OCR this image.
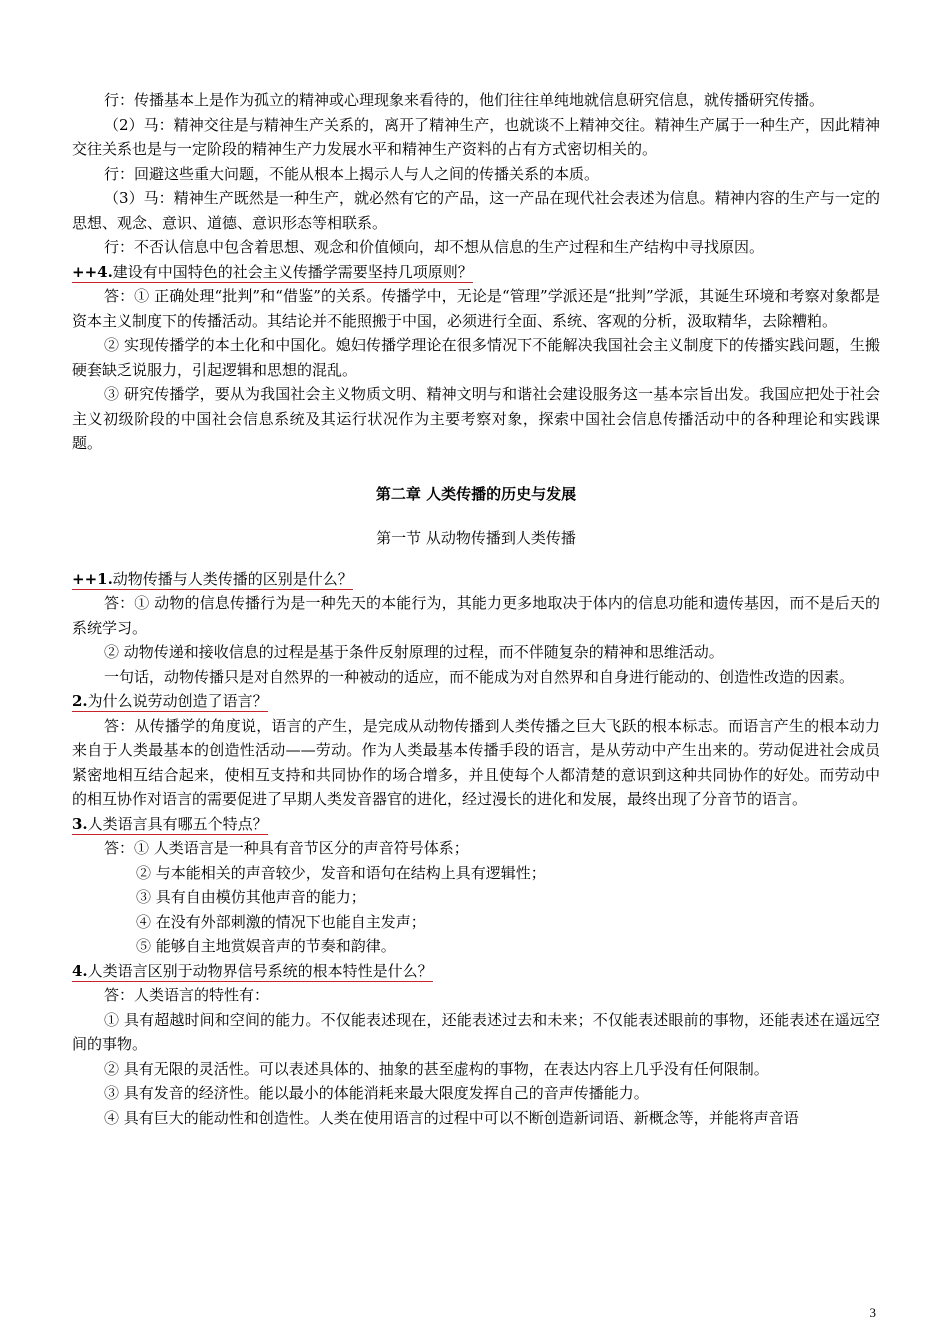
行：传播基本上是作为孤立的精神或心理现象来看待的，他们往往单纯地就信息研究信息，就传播研究传播。

（2）马：精神交往是与精神生产关系的，离开了精神生产，也就谈不上精神交往。精神生产属于一种生产，因此精神交往关系也是与一定阶段的精神生产力发展水平和精神生产资料的占有方式密切相关的。

行：回避这些重大问题，不能从根本上揭示人与人之间的传播关系的本质。

（3）马：精神生产既然是一种生产，就必然有它的产品，这一产品在现代社会表述为信息。精神内容的生产与一定的思想、观念、意识、道德、意识形态等相联系。

行：不否认信息中包含着思想、观念和价值倾向，却不想从信息的生产过程和生产结构中寻找原因。

++4.建设有中国特色的社会主义传播学需要坚持几项原则？

答：① 正确处理“批判”和“借鉴”的关系。传播学中，无论是“管理”学派还是“批判”学派，其诞生环境和考察对象都是资本主义制度下的传播活动。其结论并不能照搬于中国，必须进行全面、系统、客观的分析，汲取精华，去除糟粕。

② 实现传播学的本土化和中国化。媳妇传播学理论在很多情况下不能解决我国社会主义制度下的传播实践问题，生搬硬套缺乏说服力，引起逻辑和思想的混乱。

③ 研究传播学，要从为我国社会主义物质文明、精神文明与和谐社会建设服务这一基本宗旨出发。我国应把处于社会主义初级阶段的中国社会信息系统及其运行状况作为主要考察对象，探索中国社会信息传播活动中的各种理论和实践课题。

第二章 人类传播的历史与发展

第一节 从动物传播到人类传播

++1.动物传播与人类传播的区别是什么？

答：① 动物的信息传播行为是一种先天的本能行为，其能力更多地取决于体内的信息功能和遗传基因，而不是后天的系统学习。

② 动物传递和接收信息的过程是基于条件反射原理的过程，而不伴随复杂的精神和思维活动。

一句话，动物传播只是对自然界的一种被动的适应，而不能成为对自然界和自身进行能动的、创造性改造的因素。

2.为什么说劳动创造了语言？

答：从传播学的角度说，语言的产生，是完成从动物传播到人类传播之巨大飞跃的根本标志。而语言产生的根本动力来自于人类最基本的创造性活动——劳动。作为人类最基本传播手段的语言，是从劳动中产生出来的。劳动促进社会成员紧密地相互结合起来，使相互支持和共同协作的场合增多，并且使每个人都清楚的意识到这种共同协作的好处。而劳动中的相互协作对语言的需要促进了早期人类发音器官的进化，经过漫长的进化和发展，最终出现了分音节的语言。

3.人类语言具有哪五个特点？

答：① 人类语言是一种具有音节区分的声音符号体系；

② 与本能相关的声音较少，发音和语句在结构上具有逻辑性；

③ 具有自由模仿其他声音的能力；

④ 在没有外部刺激的情况下也能自主发声；

⑤ 能够自主地赏娱音声的节奏和韵律。

4.人类语言区别于动物界信号系统的根本特性是什么？

答：人类语言的特性有：

① 具有超越时间和空间的能力。不仅能表述现在，还能表述过去和未来；不仅能表述眼前的事物，还能表述在遥远空间的事物。

② 具有无限的灵活性。可以表述具体的、抽象的甚至虚构的事物，在表达内容上几乎没有任何限制。

③ 具有发音的经济性。能以最小的体能消耗来最大限度发挥自己的音声传播能力。

④ 具有巨大的能动性和创造性。人类在使用语言的过程中可以不断创造新词语、新概念等，并能将声音语

3
